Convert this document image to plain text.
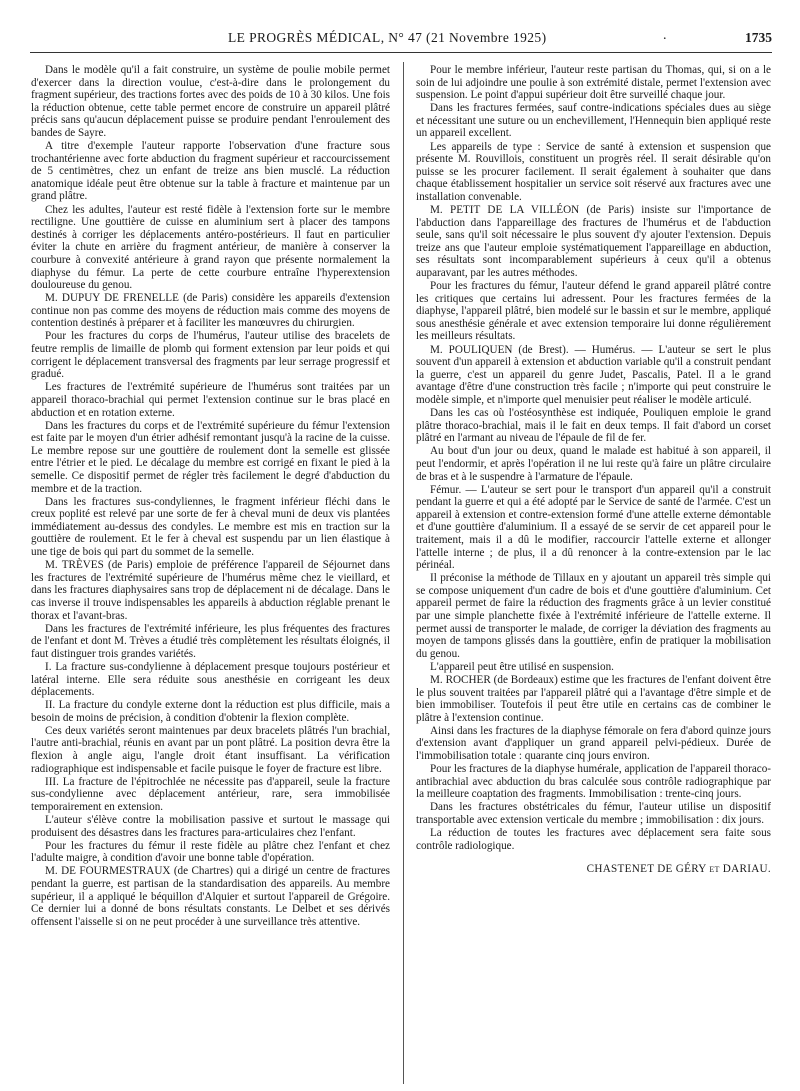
LE PROGRÈS MÉDICAL, N° 47 (21 Novembre 1925)	.	1735

Dans le modèle qu'il a fait construire, un système de poulie mobile permet d'exercer dans la direction voulue, c'est-à-dire dans le prolongement du fragment supérieur, des tractions fortes avec des poids de 10 à 30 kilos. Une fois la réduction obtenue, cette table permet encore de construire un appareil plâtré précis sans qu'aucun déplacement puisse se produire pendant l'enroulement des bandes de Sayre.

A titre d'exemple l'auteur rapporte l'observation d'une fracture sous trochantérienne avec forte abduction du fragment supérieur et raccourcissement de 5 centimètres, chez un enfant de treize ans bien musclé. La réduction anatomique idéale peut être obtenue sur la table à fracture et maintenue par un grand plâtre.

Chez les adultes, l'auteur est resté fidèle à l'extension forte sur le membre rectiligne. Une gouttière de cuisse en aluminium sert à placer des tampons destinés à corriger les déplacements antéro-postérieurs. Il faut en particulier éviter la chute en arrière du fragment antérieur, de manière à conserver la courbure à convexité antérieure à grand rayon que présente normalement la diaphyse du fémur. La perte de cette courbure entraîne l'hyperextension douloureuse du genou.

M. DUPUY DE FRENELLE (de Paris) considère les appareils d'extension continue non pas comme des moyens de réduction mais comme des moyens de contention destinés à préparer et à faciliter les manœuvres du chirurgien.

Pour les fractures du corps de l'humérus, l'auteur utilise des bracelets de feutre remplis de limaille de plomb qui forment extension par leur poids et qui corrigent le déplacement transversal des fragments par leur serrage progressif et gradué.

Les fractures de l'extrémité supérieure de l'humérus sont traitées par un appareil thoraco-brachial qui permet l'extension continue sur le bras placé en abduction et en rotation externe.

Dans les fractures du corps et de l'extrémité supérieure du fémur l'extension est faite par le moyen d'un étrier adhésif remontant jusqu'à la racine de la cuisse. Le membre repose sur une gouttière de roulement dont la semelle est glissée entre l'étrier et le pied. Le décalage du membre est corrigé en fixant le pied à la semelle. Ce dispositif permet de régler très facilement le degré d'abduction du membre et de la traction.

Dans les fractures sus-condyliennes, le fragment inférieur fléchi dans le creux poplité est relevé par une sorte de fer à cheval muni de deux vis plantées immédiatement au-dessus des condyles. Le membre est mis en traction sur la gouttière de roulement. Et le fer à cheval est suspendu par un lien élastique à une tige de bois qui part du sommet de la semelle.

M. TRÈVES (de Paris) emploie de préférence l'appareil de Séjournet dans les fractures de l'extrémité supérieure de l'humérus même chez le vieillard, et dans les fractures diaphysaires sans trop de déplacement ni de décalage. Dans le cas inverse il trouve indispensables les appareils à abduction réglable prenant le thorax et l'avant-bras.

Dans les fractures de l'extrémité inférieure, les plus fréquentes des fractures de l'enfant et dont M. Trèves a étudié très complètement les résultats éloignés, il faut distinguer trois grandes variétés.

I. La fracture sus-condylienne à déplacement presque toujours postérieur et latéral interne. Elle sera réduite sous anesthésie en corrigeant les deux déplacements.

II. La fracture du condyle externe dont la réduction est plus difficile, mais a besoin de moins de précision, à condition d'obtenir la flexion complète.

Ces deux variétés seront maintenues par deux bracelets plâtrés l'un brachial, l'autre anti-brachial, réunis en avant par un pont plâtré. La position devra être la flexion à angle aigu, l'angle droit étant insuffisant. La vérification radiographique est indispensable et facile puisque le foyer de fracture est libre.

III. La fracture de l'épitrochlée ne nécessite pas d'appareil, seule la fracture sus-condylienne avec déplacement antérieur, rare, sera immobilisée temporairement en extension.

L'auteur s'élève contre la mobilisation passive et surtout le massage qui produisent des désastres dans les fractures para-articulaires chez l'enfant.

Pour les fractures du fémur il reste fidèle au plâtre chez l'enfant et chez l'adulte maigre, à condition d'avoir une bonne table d'opération.

M. DE FOURMESTRAUX (de Chartres) qui a dirigé un centre de fractures pendant la guerre, est partisan de la standardisation des appareils. Au membre supérieur, il a appliqué le béquillon d'Alquier et surtout l'appareil de Grégoire. Ce dernier lui a donné de bons résultats constants. Le Delbet et ses dérivés offensent l'aisselle si on ne peut procéder à une surveillance très attentive.

Pour le membre inférieur, l'auteur reste partisan du Thomas, qui, si on a le soin de lui adjoindre une poulie à son extrémité distale, permet l'extension avec suspension. Le point d'appui supérieur doit être surveillé chaque jour.

Dans les fractures fermées, sauf contre-indications spéciales dues au siège et nécessitant une suture ou un enchevillement, l'Hennequin bien appliqué reste un appareil excellent.

Les appareils de type : Service de santé à extension et suspension que présente M. Rouvillois, constituent un progrès réel. Il serait désirable qu'on puisse se les procurer facilement. Il serait également à souhaiter que dans chaque établissement hospitalier un service soit réservé aux fractures avec une installation convenable.

M. PETIT DE LA VILLÉON (de Paris) insiste sur l'importance de l'abduction dans l'appareillage des fractures de l'humérus et de l'abduction seule, sans qu'il soit nécessaire le plus souvent d'y ajouter l'extension. Depuis treize ans que l'auteur emploie systématiquement l'appareillage en abduction, ses résultats sont incomparablement supérieurs à ceux qu'il a obtenus auparavant, par les autres méthodes.

Pour les fractures du fémur, l'auteur défend le grand appareil plâtré contre les critiques que certains lui adressent. Pour les fractures fermées de la diaphyse, l'appareil plâtré, bien modelé sur le bassin et sur le membre, appliqué sous anesthésie générale et avec extension temporaire lui donne régulièrement les meilleurs résultats.

M. POULIQUEN (de Brest). — Humérus. — L'auteur se sert le plus souvent d'un appareil à extension et abduction variable qu'il a construit pendant la guerre, c'est un appareil du genre Judet, Pascalis, Patel. Il a le grand avantage d'être d'une construction très facile ; n'importe qui peut construire le modèle simple, et n'importe quel menuisier peut réaliser le modèle articulé.

Dans les cas où l'ostéosynthèse est indiquée, Pouliquen emploie le grand plâtre thoraco-brachial, mais il le fait en deux temps. Il fait d'abord un corset plâtré en l'armant au niveau de l'épaule de fil de fer.

Au bout d'un jour ou deux, quand le malade est habitué à son appareil, il peut l'endormir, et après l'opération il ne lui reste qu'à faire un plâtre circulaire de bras et à le suspendre à l'armature de l'épaule.

Fémur. — L'auteur se sert pour le transport d'un appareil qu'il a construit pendant la guerre et qui a été adopté par le Service de santé de l'armée. C'est un appareil à extension et contre-extension formé d'une attelle externe démontable et d'une gouttière d'aluminium. Il a essayé de se servir de cet appareil pour le traitement, mais il a dû le modifier, raccourcir l'attelle externe et allonger l'attelle interne ; de plus, il a dû renoncer à la contre-extension par le lac périnéal.

Il préconise la méthode de Tillaux en y ajoutant un appareil très simple qui se compose uniquement d'un cadre de bois et d'une gouttière d'aluminium. Cet appareil permet de faire la réduction des fragments grâce à un levier constitué par une simple planchette fixée à l'extrémité inférieure de l'attelle externe. Il permet aussi de transporter le malade, de corriger la déviation des fragments au moyen de tampons glissés dans la gouttière, enfin de pratiquer la mobilisation du genou.

L'appareil peut être utilisé en suspension.

M. ROCHER (de Bordeaux) estime que les fractures de l'enfant doivent être le plus souvent traitées par l'appareil plâtré qui a l'avantage d'être simple et de bien immobiliser. Toutefois il peut être utile en certains cas de combiner le plâtre à l'extension continue.

Ainsi dans les fractures de la diaphyse fémorale on fera d'abord quinze jours d'extension avant d'appliquer un grand appareil pelvi-pédieux. Durée de l'immobilisation totale : quarante cinq jours environ.

Pour les fractures de la diaphyse humérale, application de l'appareil thoraco-antibrachial avec abduction du bras calculée sous contrôle radiographique par la meilleure coaptation des fragments. Immobilisation : trente-cinq jours.

Dans les fractures obstétricales du fémur, l'auteur utilise un dispositif transportable avec extension verticale du membre ; immobilisation : dix jours.

La réduction de toutes les fractures avec déplacement sera faite sous contrôle radiologique.

CHASTENET DE GÉRY et DARIAU.
